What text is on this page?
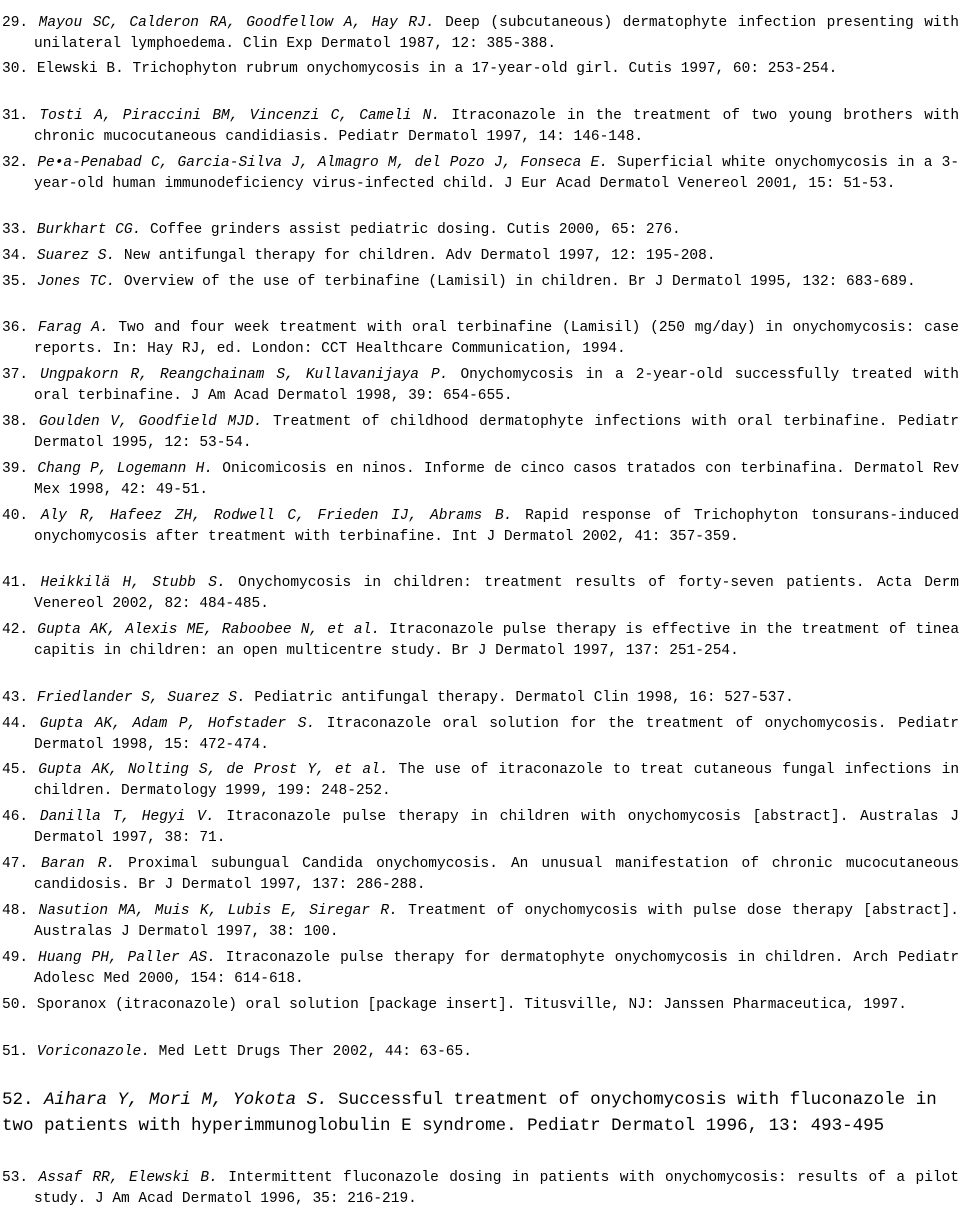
29. Mayou SC, Calderon RA, Goodfellow A, Hay RJ. Deep (subcutaneous) dermatophyte infection presenting with unilateral lymphoedema. Clin Exp Dermatol 1987, 12: 385-388.

30. Elewski B. Trichophyton rubrum onychomycosis in a 17-year-old girl. Cutis 1997, 60: 253-254.

31. Tosti A, Piraccini BM, Vincenzi C, Cameli N. Itraconazole in the treatment of two young brothers with chronic mucocutaneous candidiasis. Pediatr Dermatol 1997, 14: 146-148.

32. Pe•a-Penabad C, Garcia-Silva J, Almagro M, del Pozo J, Fonseca E. Superficial white onychomycosis in a 3-year-old human immunodeficiency virus-infected child. J Eur Acad Dermatol Venereol 2001, 15: 51-53.

33. Burkhart CG. Coffee grinders assist pediatric dosing. Cutis 2000, 65: 276.

34. Suarez S. New antifungal therapy for children. Adv Dermatol 1997, 12: 195-208.

35. Jones TC. Overview of the use of terbinafine (Lamisil) in children. Br J Dermatol 1995, 132: 683-689.

36. Farag A. Two and four week treatment with oral terbinafine (Lamisil) (250 mg/day) in onychomycosis: case reports. In: Hay RJ, ed. London: CCT Healthcare Communication, 1994.

37. Ungpakorn R, Reangchainam S, Kullavanijaya P. Onychomycosis in a 2-year-old successfully treated with oral terbinafine. J Am Acad Dermatol 1998, 39: 654-655.

38. Goulden V, Goodfield MJD. Treatment of childhood dermatophyte infections with oral terbinafine. Pediatr Dermatol 1995, 12: 53-54.

39. Chang P, Logemann H. Onicomicosis en ninos. Informe de cinco casos tratados con terbinafina. Dermatol Rev Mex 1998, 42: 49-51.

40. Aly R, Hafeez ZH, Rodwell C, Frieden IJ, Abrams B. Rapid response of Trichophyton tonsurans-induced onychomycosis after treatment with terbinafine. Int J Dermatol 2002, 41: 357-359.

41. Heikkilä H, Stubb S. Onychomycosis in children: treatment results of forty-seven patients. Acta Derm Venereol 2002, 82: 484-485.

42. Gupta AK, Alexis ME, Raboobee N, et al. Itraconazole pulse therapy is effective in the treatment of tinea capitis in children: an open multicentre study. Br J Dermatol 1997, 137: 251-254.

43. Friedlander S, Suarez S. Pediatric antifungal therapy. Dermatol Clin 1998, 16: 527-537.

44. Gupta AK, Adam P, Hofstader S. Itraconazole oral solution for the treatment of onychomycosis. Pediatr Dermatol 1998, 15: 472-474.

45. Gupta AK, Nolting S, de Prost Y, et al. The use of itraconazole to treat cutaneous fungal infections in children. Dermatology 1999, 199: 248-252.

46. Danilla T, Hegyi V. Itraconazole pulse therapy in children with onychomycosis [abstract]. Australas J Dermatol 1997, 38: 71.

47. Baran R. Proximal subungual Candida onychomycosis. An unusual manifestation of chronic mucocutaneous candidosis. Br J Dermatol 1997, 137: 286-288.

48. Nasution MA, Muis K, Lubis E, Siregar R. Treatment of onychomycosis with pulse dose therapy [abstract]. Australas J Dermatol 1997, 38: 100.

49. Huang PH, Paller AS. Itraconazole pulse therapy for dermatophyte onychomycosis in children. Arch Pediatr Adolesc Med 2000, 154: 614-618.

50. Sporanox (itraconazole) oral solution [package insert]. Titusville, NJ: Janssen Pharmaceutica, 1997.

51. Voriconazole. Med Lett Drugs Ther 2002, 44: 63-65.

52. Aihara Y, Mori M, Yokota S. Successful treatment of onychomycosis with fluconazole in two patients with hyperimmunoglobulin E syndrome. Pediatr Dermatol 1996, 13: 493-495

53. Assaf RR, Elewski B. Intermittent fluconazole dosing in patients with onychomycosis: results of a pilot study. J Am Acad Dermatol 1996, 35: 216-219.
